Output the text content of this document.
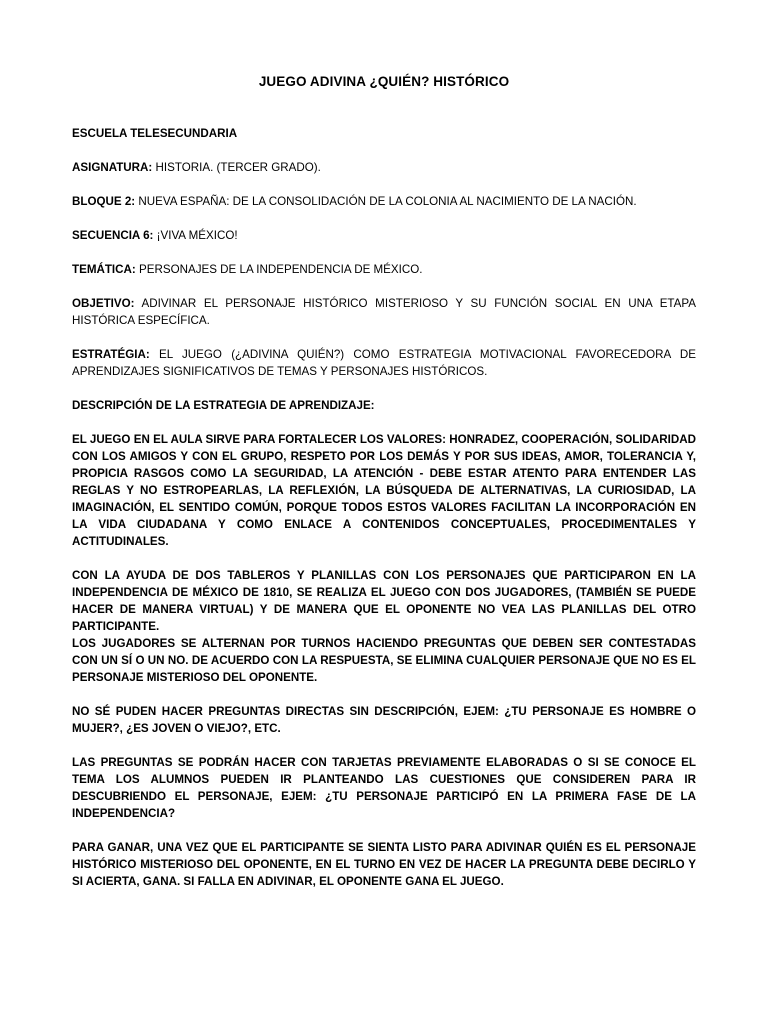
JUEGO ADIVINA ¿QUIÉN? HISTÓRICO

ESCUELA TELESECUNDARIA

ASIGNATURA: HISTORIA. (TERCER GRADO).

BLOQUE 2: NUEVA ESPAÑA: DE LA CONSOLIDACIÓN DE LA COLONIA AL NACIMIENTO DE LA NACIÓN.

SECUENCIA 6: ¡VIVA MÉXICO!

TEMÁTICA: PERSONAJES DE LA INDEPENDENCIA DE MÉXICO.

OBJETIVO: ADIVINAR EL PERSONAJE HISTÓRICO MISTERIOSO Y SU FUNCIÓN SOCIAL EN UNA ETAPA HISTÓRICA ESPECÍFICA.

ESTRATÉGIA: EL JUEGO (¿ADIVINA QUIÉN?) COMO ESTRATEGIA MOTIVACIONAL FAVORECEDORA DE APRENDIZAJES SIGNIFICATIVOS DE TEMAS Y PERSONAJES HISTÓRICOS.

DESCRIPCIÓN DE LA ESTRATEGIA DE APRENDIZAJE:

EL JUEGO EN EL AULA SIRVE PARA FORTALECER LOS VALORES: HONRADEZ, COOPERACIÓN, SOLIDARIDAD CON LOS AMIGOS Y CON EL GRUPO, RESPETO POR LOS DEMÁS Y POR SUS IDEAS, AMOR, TOLERANCIA Y, PROPICIA RASGOS COMO LA SEGURIDAD, LA ATENCIÓN - DEBE ESTAR ATENTO PARA ENTENDER LAS REGLAS Y NO ESTROPEARLAS, LA REFLEXIÓN, LA BÚSQUEDA DE ALTERNATIVAS, LA CURIOSIDAD, LA IMAGINACIÓN, EL SENTIDO COMÚN, PORQUE TODOS ESTOS VALORES FACILITAN LA INCORPORACIÓN EN LA VIDA CIUDADANA Y COMO ENLACE A CONTENIDOS CONCEPTUALES, PROCEDIMENTALES Y ACTITUDINALES.

CON LA AYUDA DE DOS TABLEROS Y PLANILLAS CON LOS PERSONAJES QUE PARTICIPARON EN LA INDEPENDENCIA DE MÉXICO DE 1810, SE REALIZA EL JUEGO CON DOS JUGADORES, (TAMBIÉN SE PUEDE HACER DE MANERA VIRTUAL) Y DE MANERA QUE EL OPONENTE NO VEA LAS PLANILLAS DEL OTRO PARTICIPANTE.

LOS JUGADORES SE ALTERNAN POR TURNOS HACIENDO PREGUNTAS QUE DEBEN SER CONTESTADAS CON UN SÍ O UN NO. DE ACUERDO CON LA RESPUESTA, SE ELIMINA CUALQUIER PERSONAJE QUE NO ES EL PERSONAJE MISTERIOSO DEL OPONENTE.

NO SÉ PUDEN HACER PREGUNTAS DIRECTAS SIN DESCRIPCIÓN, EJEM: ¿TU PERSONAJE ES HOMBRE O MUJER?, ¿ES JOVEN O VIEJO?, ETC.

LAS PREGUNTAS SE PODRÁN HACER CON TARJETAS PREVIAMENTE ELABORADAS O SI SE CONOCE EL TEMA LOS ALUMNOS PUEDEN IR PLANTEANDO LAS CUESTIONES QUE CONSIDEREN PARA IR DESCUBRIENDO EL PERSONAJE, EJEM: ¿TU PERSONAJE PARTICIPÓ EN LA PRIMERA FASE DE LA INDEPENDENCIA?

PARA GANAR, UNA VEZ QUE EL PARTICIPANTE SE SIENTA LISTO PARA ADIVINAR QUIÉN ES EL PERSONAJE HISTÓRICO MISTERIOSO DEL OPONENTE, EN EL TURNO EN VEZ DE HACER LA PREGUNTA DEBE DECIRLO Y SI ACIERTA, GANA. SI FALLA EN ADIVINAR, EL OPONENTE GANA EL JUEGO.
